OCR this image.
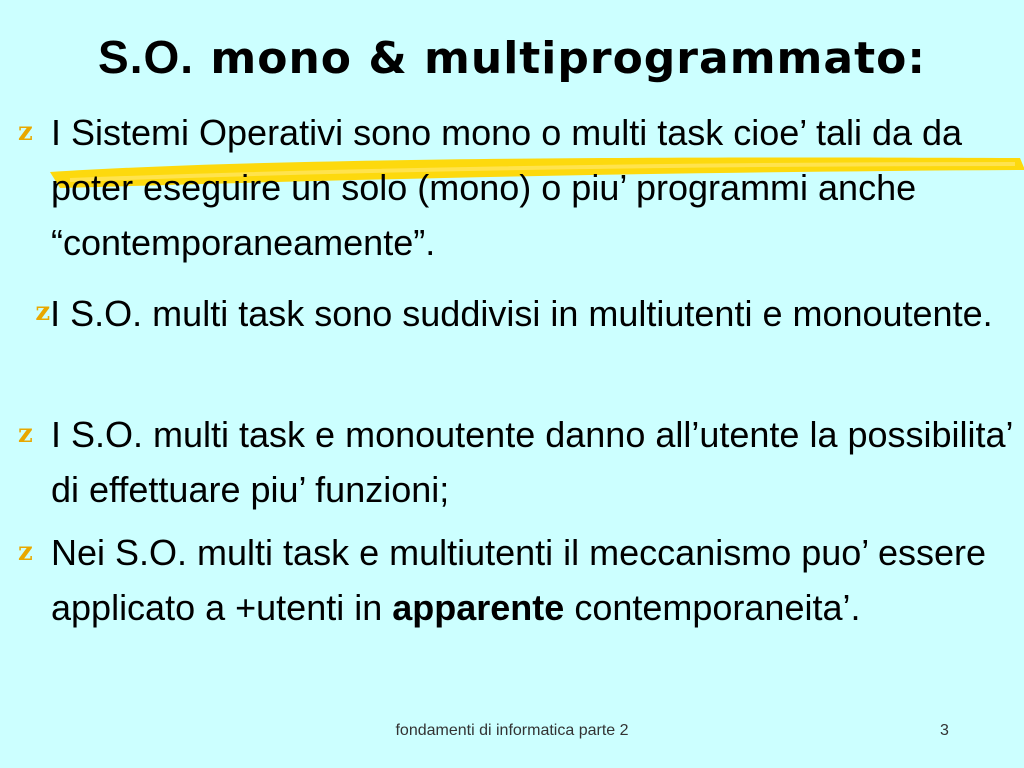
S.O. mono & multiprogrammato:
z I Sistemi Operativi sono mono o multi task cioe’ tali da da poter eseguire un solo (mono) o piu’ programmi anche “contemporaneamente”.
zI S.O. multi task sono suddivisi in multiutenti e monoutente.
z I S.O. multi task e monoutente danno all’utente la possibilita’ di effettuare piu’ funzioni;
z Nei S.O. multi task e multiutenti il meccanismo puo’ essere applicato a +utenti in apparente contemporaneita’.
fondamenti di informatica parte 2	3
